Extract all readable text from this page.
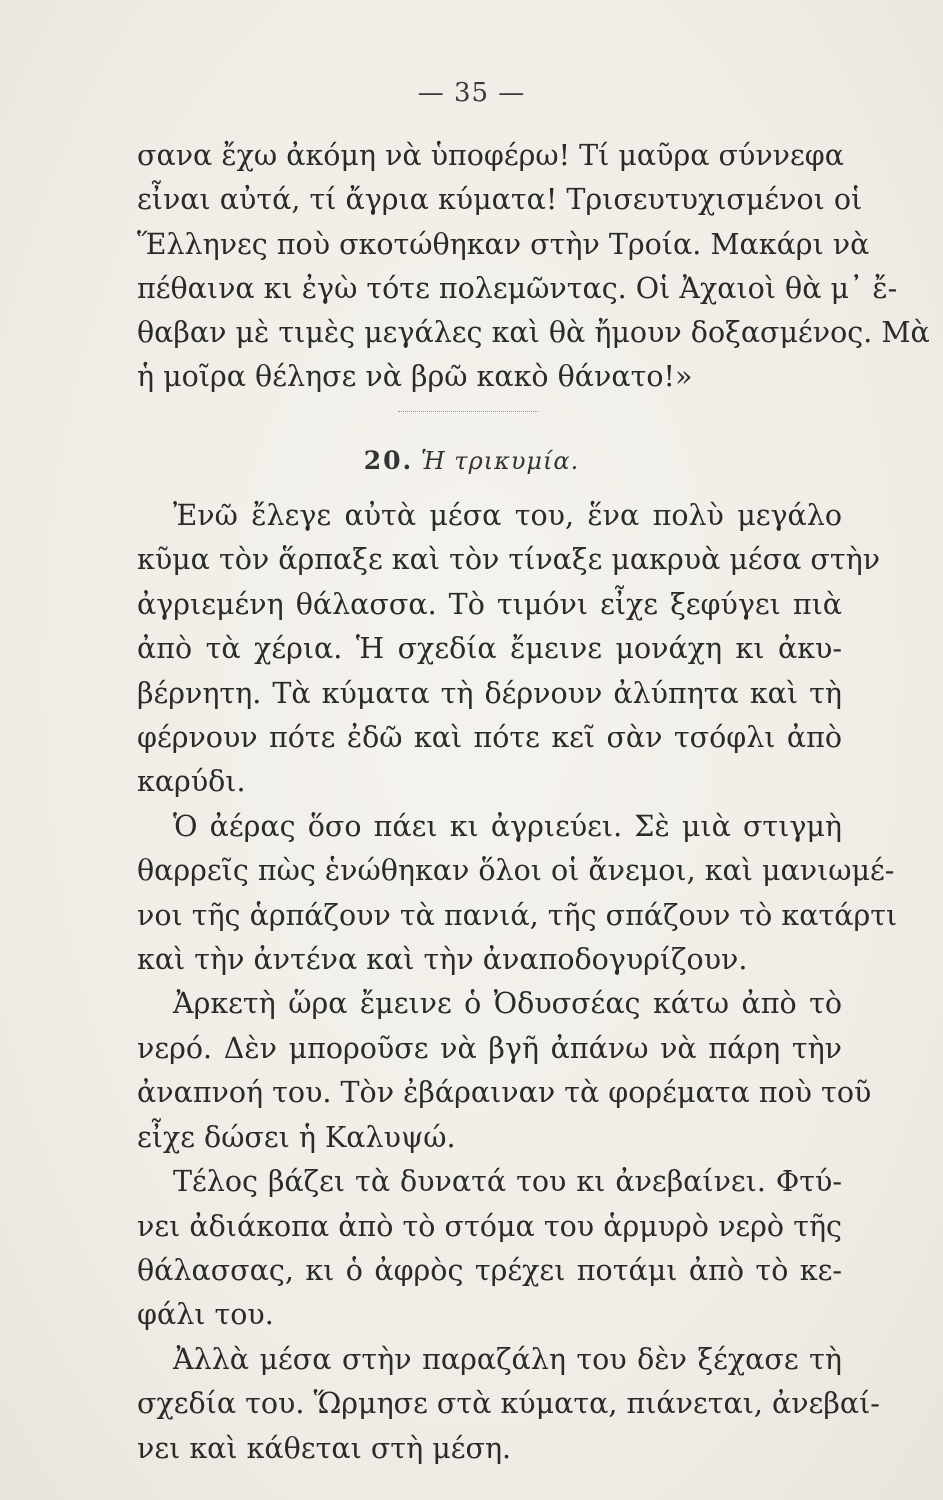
— 35 —
σανα ἔχω ἀκόμη νὰ ὑποφέρω! Τί μαῦρα σύννεφα
εἶναι αὐτά, τί ἄγρια κύματα! Τρισευτυχισμένοι οἱ
Ἕλληνες ποὺ σκοτώθηκαν στὴν Τροία. Μακάρι νὰ
πέθαινα κι ἐγὼ τότε πολεμῶντας. Οἱ Ἀχαιοὶ θὰ μ᾽ ἔ-
θαβαν μὲ τιμὲς μεγάλες καὶ θὰ ἤμουν δοξασμένος. Μὰ
ἡ μοῖρα θέλησε νὰ βρῶ κακὸ θάνατο!»
20. Ἡ τρικυμία.
Ἐνῶ ἔλεγε αὐτὰ μέσα του, ἕνα πολὺ μεγάλο
κῦμα τὸν ἅρπαξε καὶ τὸν τίναξε μακρυὰ μέσα στὴν
ἀγριεμένη θάλασσα. Τὸ τιμόνι εἶχε ξεφύγει πιὰ
ἀπὸ τὰ χέρια. Ἡ σχεδία ἔμεινε μονάχη κι ἀκυ-
βέρνητη. Τὰ κύματα τὴ δέρνουν ἀλύπητα καὶ τὴ
φέρνουν πότε ἐδῶ καὶ πότε κεῖ σὰν τσόφλι ἀπὸ
καρύδι.
Ὁ ἀέρας ὅσο πάει κι ἀγριεύει. Σὲ μιὰ στιγμὴ
θαρρεῖς πὼς ἑνώθηκαν ὅλοι οἱ ἄνεμοι, καὶ μανιωμέ-
νοι τῆς ἁρπάζουν τὰ πανιά, τῆς σπάζουν τὸ κατάρτι
καὶ τὴν ἀντένα καὶ τὴν ἀναποδογυρίζουν.
Ἀρκετὴ ὥρα ἔμεινε ὁ Ὀδυσσέας κάτω ἀπὸ τὸ
νερό. Δὲν μποροῦσε νὰ βγῆ ἀπάνω νὰ πάρη τὴν
ἀναπνοή του. Τὸν ἐβάραιναν τὰ φορέματα ποὺ τοῦ
εἶχε δώσει ἡ Καλυψώ.
Τέλος βάζει τὰ δυνατά του κι ἀνεβαίνει. Φτύ-
νει ἀδιάκοπα ἀπὸ τὸ στόμα του ἁρμυρὸ νερὸ τῆς
θάλασσας, κι ὁ ἀφρὸς τρέχει ποτάμι ἀπὸ τὸ κε-
φάλι του.
Ἀλλὰ μέσα στὴν παραζάλη του δὲν ξέχασε τὴ
σχεδία του. Ὥρμησε στὰ κύματα, πιάνεται, ἀνεβαί-
νει καὶ κάθεται στὴ μέση.
